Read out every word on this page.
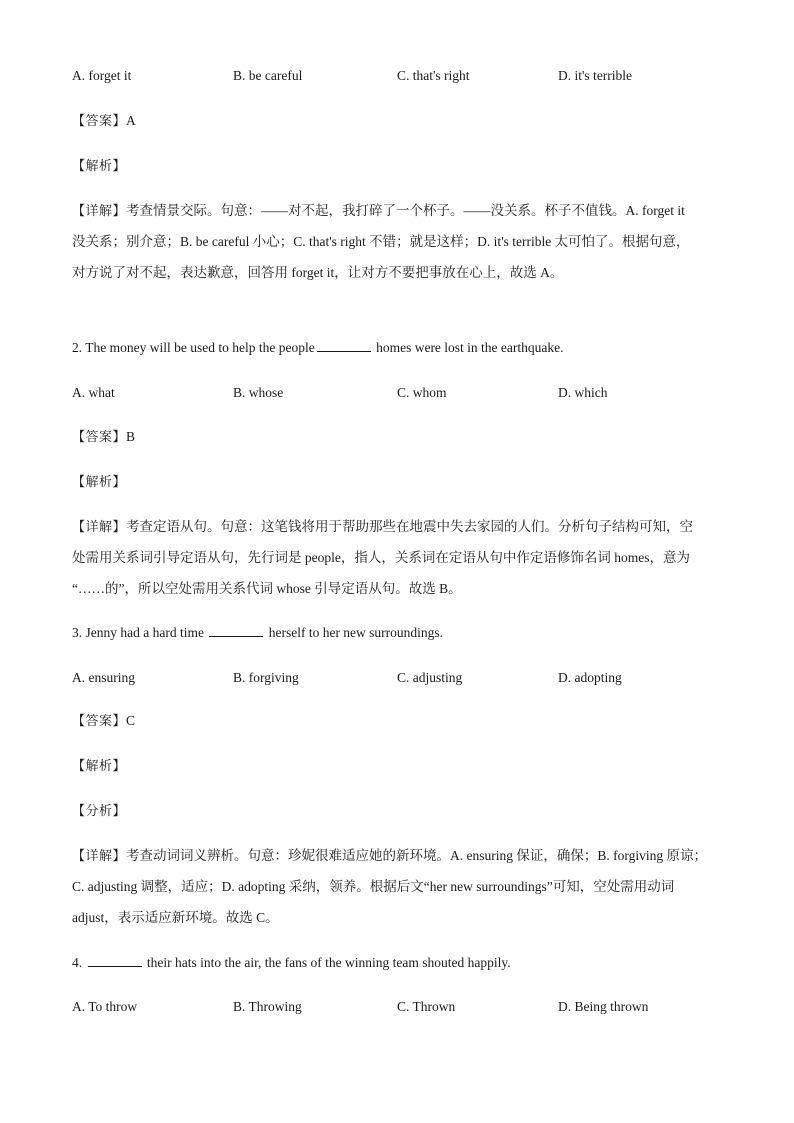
A. forget it	B. be careful	C. that's right	D. it's terrible
【答案】A
【解析】
【详解】考查情景交际。句意：——对不起，我打碎了一个杯子。——没关系。杯子不值钱。A. forget it
没关系；别介意；B. be careful 小心；C. that's right 不错；就是这样；D. it's terrible 太可怕了。根据句意，
对方说了对不起，表达歉意，回答用 forget it，让对方不要把事放在心上，故选 A。
2. The money will be used to help the people	homes were lost in the earthquake.
A. what	B. whose	C. whom	D. which
【答案】B
【解析】
【详解】考查定语从句。句意：这笔钱将用于帮助那些在地震中失去家园的人们。分析句子结构可知，空
处需用关系词引导定语从句，先行词是 people，指人，关系词在定语从句中作定语修饰名词 homes，意为
“……的”，所以空处需用关系代词 whose 引导定语从句。故选 B。
3. Jenny had a hard time	herself to her new surroundings.
A. ensuring	B. forgiving	C. adjusting	D. adopting
【答案】C
【解析】
【分析】
【详解】考查动词词义辨析。句意：珍妮很难适应她的新环境。A. ensuring 保证，确保；B. forgiving 原谅；
C. adjusting 调整，适应；D. adopting 采纳，领养。根据后文“her new surroundings”可知，空处需用动词
adjust，表示适应新环境。故选 C。
4.	their hats into the air, the fans of the winning team shouted happily.
A. To throw	B. Throwing	C. Thrown	D. Being thrown
